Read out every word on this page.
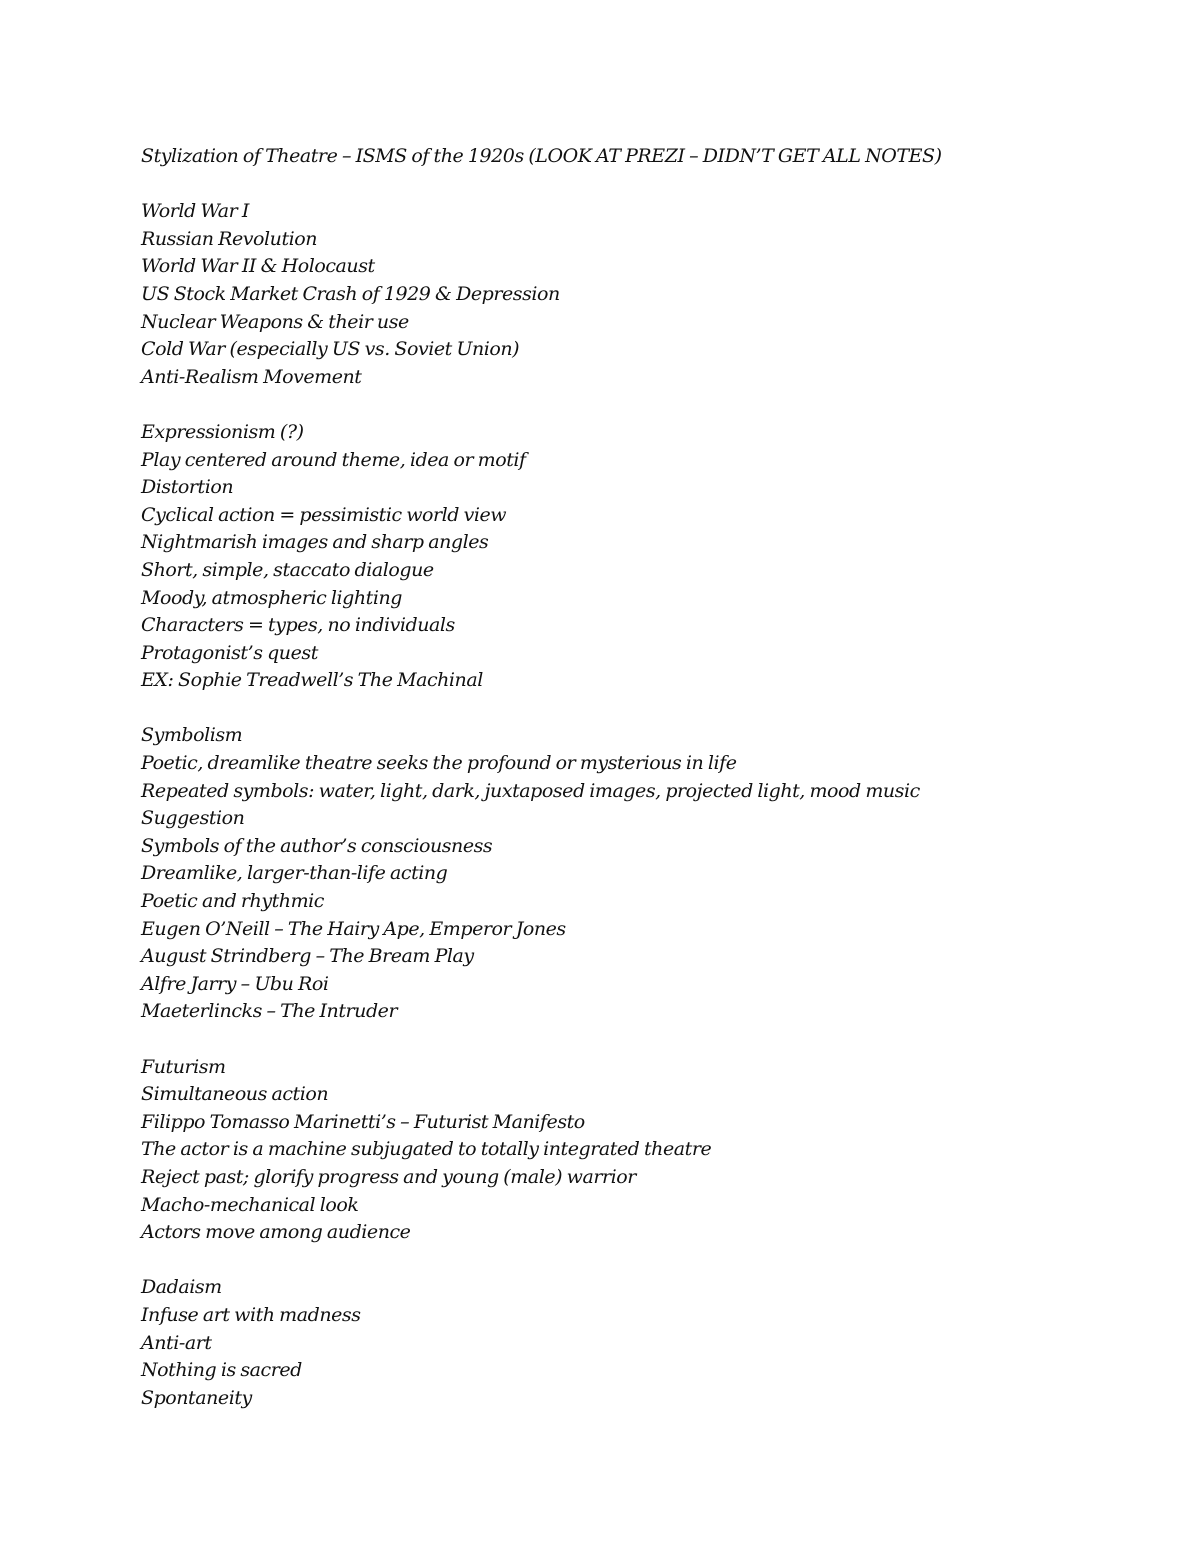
Stylization of Theatre – ISMS of the 1920s (LOOK AT PREZI – DIDN’T GET ALL NOTES)

World War I

Russian Revolution

World War II & Holocaust

US Stock Market Crash of 1929 & Depression

Nuclear Weapons & their use

Cold War (especially US vs. Soviet Union)

Anti-Realism Movement

Expressionism (?)

Play centered around theme, idea or motif

Distortion

Cyclical action = pessimistic world view

Nightmarish images and sharp angles

Short, simple, staccato dialogue

Moody, atmospheric lighting

Characters = types, no individuals

Protagonist’s quest

EX: Sophie Treadwell’s The Machinal

Symbolism

Poetic, dreamlike theatre seeks the profound or mysterious in life

Repeated symbols: water, light, dark, juxtaposed images, projected light, mood music

Suggestion

Symbols of the author’s consciousness

Dreamlike, larger-than-life acting

Poetic and rhythmic

Eugen O’Neill – The Hairy Ape, Emperor Jones

August Strindberg – The Bream Play

Alfre Jarry – Ubu Roi

Maeterlincks – The Intruder

Futurism

Simultaneous action

Filippo Tomasso Marinetti’s – Futurist Manifesto

The actor is a machine subjugated to totally integrated theatre

Reject past; glorify progress and young (male) warrior

Macho-mechanical look

Actors move among audience

Dadaism

Infuse art with madness

Anti-art

Nothing is sacred

Spontaneity
